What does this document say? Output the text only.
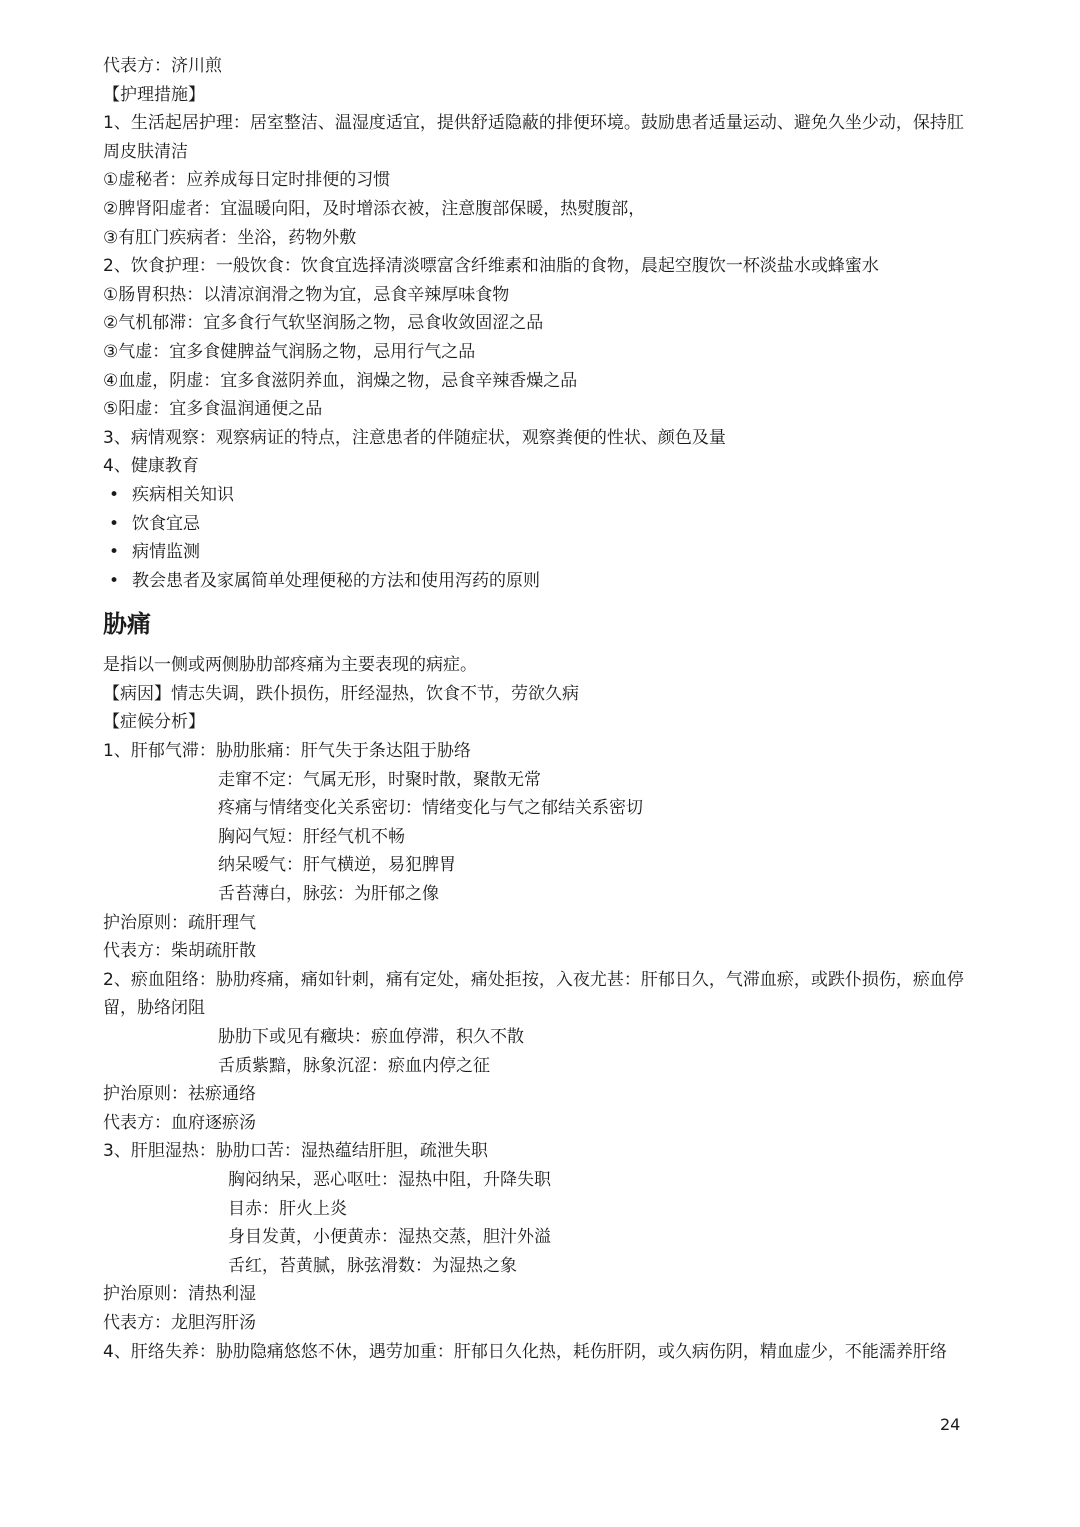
代表方：济川煎
【护理措施】
1、生活起居护理：居室整洁、温湿度适宜，提供舒适隐蔽的排便环境。鼓励患者适量运动、避免久坐少动，保持肛周皮肤清洁
①虚秘者：应养成每日定时排便的习惯
②脾肾阳虚者：宜温暖向阳，及时增添衣被，注意腹部保暖，热熨腹部，
③有肛门疾病者：坐浴，药物外敷
2、饮食护理：一般饮食：饮食宜选择清淡嘌富含纤维素和油脂的食物，晨起空腹饮一杯淡盐水或蜂蜜水
①肠胃积热：以清凉润滑之物为宜，忌食辛辣厚味食物
②气机郁滞：宜多食行气软坚润肠之物，忌食收敛固涩之品
③气虚：宜多食健脾益气润肠之物，忌用行气之品
④血虚，阴虚：宜多食滋阴养血，润燥之物，忌食辛辣香燥之品
⑤阳虚：宜多食温润通便之品
3、病情观察：观察病证的特点，注意患者的伴随症状，观察粪便的性状、颜色及量
4、健康教育
• 疾病相关知识
• 饮食宜忌
• 病情监测
• 教会患者及家属简单处理便秘的方法和使用泻药的原则
胁痛
是指以一侧或两侧胁肋部疼痛为主要表现的病症。
【病因】情志失调，跌仆损伤，肝经湿热，饮食不节，劳欲久病
【症候分析】
1、肝郁气滞：胁肋胀痛：肝气失于条达阻于胁络
走窜不定：气属无形，时聚时散，聚散无常
疼痛与情绪变化关系密切：情绪变化与气之郁结关系密切
胸闷气短：肝经气机不畅
纳呆嗳气：肝气横逆，易犯脾胃
舌苔薄白，脉弦：为肝郁之像
护治原则：疏肝理气
代表方：柴胡疏肝散
2、瘀血阻络：胁肋疼痛，痛如针刺，痛有定处，痛处拒按，入夜尤甚：肝郁日久，气滞血瘀，或跌仆损伤，瘀血停留，胁络闭阻
胁肋下或见有癥块：瘀血停滞，积久不散
舌质紫黯，脉象沉涩：瘀血内停之征
护治原则：祛瘀通络
代表方：血府逐瘀汤
3、肝胆湿热：胁肋口苦：湿热蕴结肝胆，疏泄失职
胸闷纳呆，恶心呕吐：湿热中阻，升降失职
目赤：肝火上炎
身目发黄，小便黄赤：湿热交蒸，胆汁外溢
舌红，苔黄腻，脉弦滑数：为湿热之象
护治原则：清热利湿
代表方：龙胆泻肝汤
4、肝络失养：胁肋隐痛悠悠不休，遇劳加重：肝郁日久化热，耗伤肝阴，或久病伤阴，精血虚少，不能濡养肝络
24
